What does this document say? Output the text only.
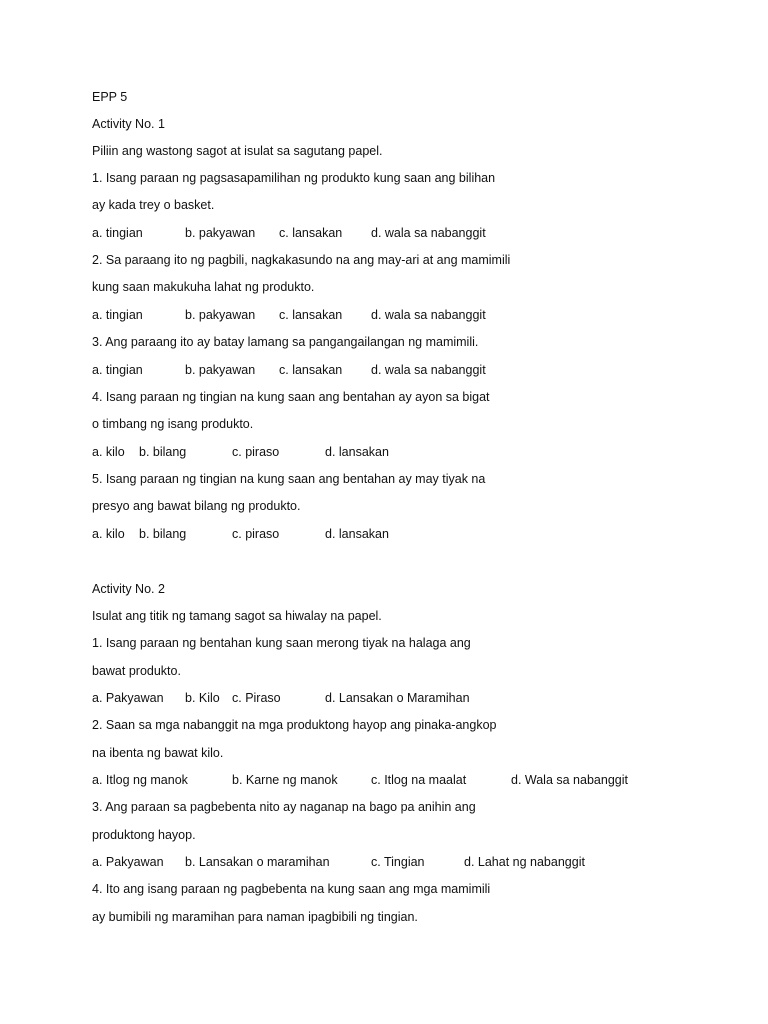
EPP 5
Activity No. 1
Piliin ang wastong sagot at isulat sa sagutang papel.
1. Isang paraan ng pagsasapamilihan ng produkto kung saan ang bilihan
ay kada trey o basket.
a. tingian	b. pakyawan c. lansakan d. wala sa nabanggit
2. Sa paraang ito ng pagbili, nagkakasundo na ang may-ari at ang mamimili
kung saan makukuha lahat ng produkto.
a. tingian	b. pakyawan c. lansakan d. wala sa nabanggit
3. Ang paraang ito ay batay lamang sa pangangailangan ng mamimili.
a. tingian	b. pakyawan c. lansakan d. wala sa nabanggit
4. Isang paraan ng tingian na kung saan ang bentahan ay ayon sa bigat
o timbang ng isang produkto.
a. kilo b. bilang	c. piraso	d. lansakan
5. Isang paraan ng tingian na kung saan ang bentahan ay may tiyak na
presyo ang bawat bilang ng produkto.
a. kilo b. bilang	c. piraso	d. lansakan
Activity No. 2
Isulat ang titik ng tamang sagot sa hiwalay na papel.
1. Isang paraan ng bentahan kung saan merong tiyak na halaga ang
bawat produkto.
a. Pakyawan b. Kilo c. Piraso	d. Lansakan o Maramihan
2. Saan sa mga nabanggit na mga produktong hayop ang pinaka-angkop
na ibenta ng bawat kilo.
a. Itlog ng manok	b. Karne ng manok	c. Itlog na maalat	d. Wala sa nabanggit
3. Ang paraan sa pagbebenta nito ay naganap na bago pa anihin ang
produktong hayop.
a. Pakyawan b. Lansakan o maramihan	c. Tingian	d. Lahat ng nabanggit
4. Ito ang isang paraan ng pagbebenta na kung saan ang mga mamimili
ay bumibili ng maramihan para naman ipagbibili ng tingian.
